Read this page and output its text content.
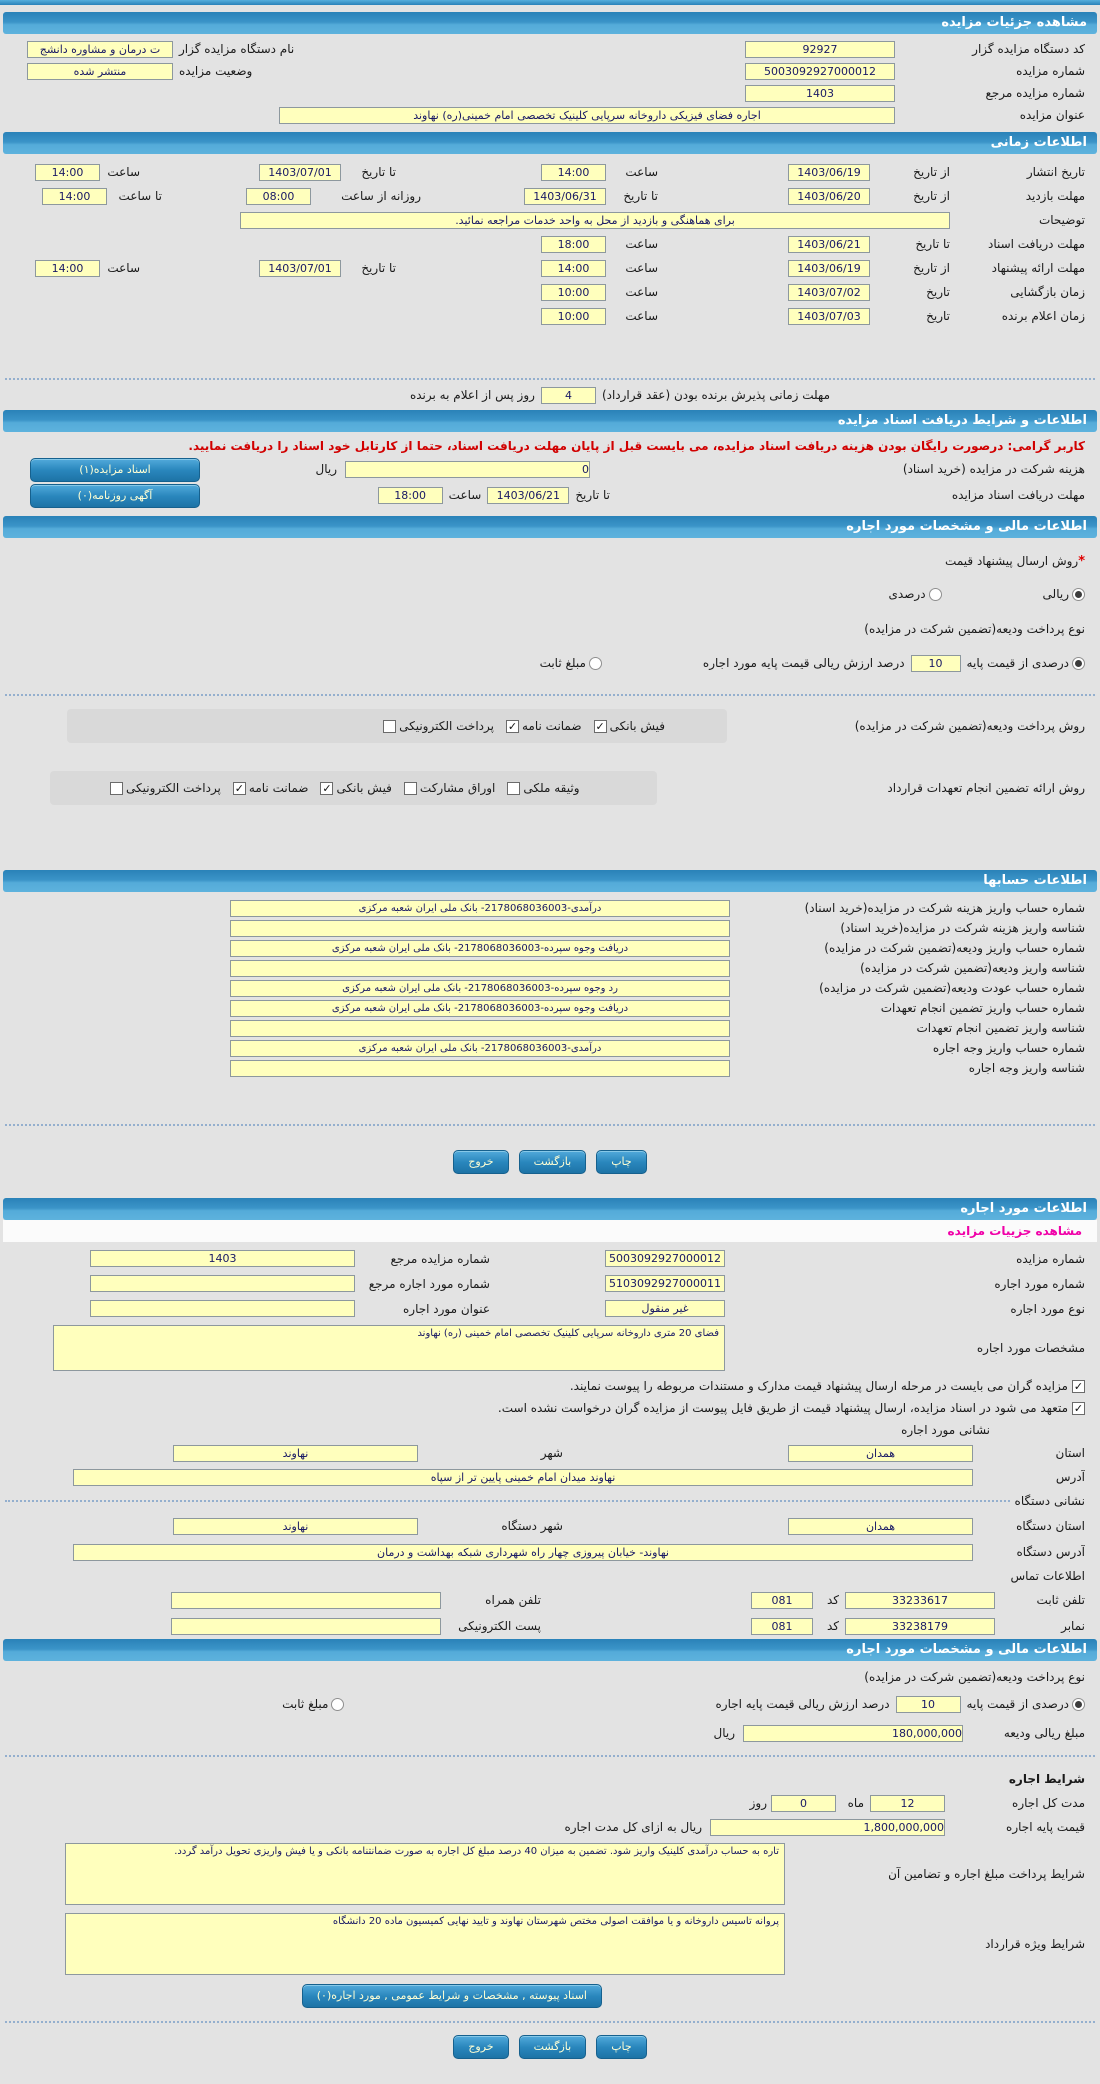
مشاهده جزئیات مزایده
کد دستگاه مزایده گزار
92927
نام دستگاه مزایده گزار
ت درمان و مشاوره دانشج
شماره مزایده
5003092927000012
وضعیت مزایده
منتشر شده
شماره مزایده مرجع
1403
عنوان مزایده
اجاره فضای فیزیکی داروخانه سرپایی کلینیک تخصصی امام خمینی(ره) نهاوند
اطلاعات زمانی
تاریخ انتشار
از تاریخ
1403/06/19
ساعت
14:00
تا تاریخ
1403/07/01
ساعت
14:00
مهلت بازدید
از تاریخ
1403/06/20
تا تاریخ
1403/06/31
روزانه از ساعت
08:00
تا ساعت
14:00
توضیحات
برای هماهنگی و بازدید از محل به واحد خدمات مراجعه نمائید.
مهلت دریافت اسناد
تا تاریخ
1403/06/21
ساعت
18:00
مهلت ارائه پیشنهاد
از تاریخ
1403/06/19
ساعت
14:00
تا تاریخ
1403/07/01
ساعت
14:00
زمان بازگشایی
تاریخ
1403/07/02
ساعت
10:00
زمان اعلام برنده
تاریخ
1403/07/03
ساعت
10:00
مهلت زمانی پذیرش برنده بودن (عقد قرارداد)
4
روز پس از اعلام به برنده
اطلاعات و شرایط دریافت اسناد مزایده
کاربر گرامی: درصورت رایگان بودن هزینه دریافت اسناد مزایده، می بایست قبل از پایان مهلت دریافت اسناد، حتما از کارتابل خود اسناد را دریافت نمایید.
هزینه شرکت در مزایده (خرید اسناد)
0
ریال
اسناد مزایده(۱)
مهلت دریافت اسناد مزایده
تا تاریخ
1403/06/21
ساعت
18:00
آگهی روزنامه(۰)
اطلاعات مالی و مشخصات مورد اجاره
*
روش ارسال پیشنهاد قیمت
ریالی
درصدی
نوع پرداخت ودیعه(تضمین شرکت در مزایده)
درصدی از قیمت پایه
10
درصد ارزش ریالی قیمت پایه مورد اجاره
مبلغ ثابت
روش پرداخت ودیعه(تضمین شرکت در مزایده)
پرداخت الکترونیکی ✓ ضمانت نامه ✓ فیش بانکی
روش ارائه تضمین انجام تعهدات قرارداد
پرداخت الکترونیکی ✓ ضمانت نامه ✓ فیش بانکی اوراق مشارکت وثیقه ملکی
اطلاعات حسابها
شماره حساب واریز هزینه شرکت در مزایده(خرید اسناد)
درآمدی-2178068036003- بانک ملی ایران شعبه مرکزی
شناسه واریز هزینه شرکت در مزایده(خرید اسناد)
شماره حساب واریز ودیعه(تضمین شرکت در مزایده)
دریافت وجوه سپرده-2178068036003- بانک ملی ایران شعبه مرکزی
شناسه واریز ودیعه(تضمین شرکت در مزایده)
شماره حساب عودت ودیعه(تضمین شرکت در مزایده)
رد وجوه سپرده-2178068036003- بانک ملی ایران شعبه مرکزی
شماره حساب واریز تضمین انجام تعهدات
دریافت وجوه سپرده-2178068036003- بانک ملی ایران شعبه مرکزی
شناسه واریز تضمین انجام تعهدات
شماره حساب واریز وجه اجاره
درآمدی-2178068036003- بانک ملی ایران شعبه مرکزی
شناسه واریز وجه اجاره
چاپ
بازگشت
خروج
اطلاعات مورد اجاره
مشاهده جزییات مزایده
شماره مزایده
5003092927000012
شماره مزایده مرجع
1403
شماره مورد اجاره
5103092927000011
شماره مورد اجاره مرجع
نوع مورد اجاره
غیر منقول
عنوان مورد اجاره
مشخصات مورد اجاره
فضای 20 متری داروخانه سرپایی کلینیک تخصصی امام خمینی (ره) نهاوند
✓
مزایده گران می بایست در مرحله ارسال پیشنهاد قیمت مدارک و مستندات مربوطه را پیوست نمایند.
✓
متعهد می شود در اسناد مزایده، ارسال پیشنهاد قیمت از طریق فایل پیوست از مزایده گران درخواست نشده است.
نشانی مورد اجاره
استان
همدان
شهر
نهاوند
آدرس
نهاوند میدان امام خمینی پایین تر از سپاه
نشانی دستگاه
استان دستگاه
همدان
شهر دستگاه
نهاوند
آدرس دستگاه
نهاوند- خیابان پیروزی چهار راه شهرداری شبکه بهداشت و درمان
اطلاعات تماس
تلفن ثابت
33233617
کد
081
تلفن همراه
نمابر
33238179
کد
081
پست الکترونیکی
اطلاعات مالی و مشخصات مورد اجاره
نوع پرداخت ودیعه(تضمین شرکت در مزایده)
درصدی از قیمت پایه
10
درصد ارزش ریالی قیمت پایه اجاره
مبلغ ثابت
مبلغ ریالی ودیعه
180,000,000
ریال
شرایط اجاره
مدت کل اجاره
12
ماه
0
روز
قیمت پایه اجاره
1,800,000,000
ریال به ازای کل مدت اجاره
شرایط پرداخت مبلغ اجاره و تضامین آن
تاره به حساب درآمدی کلینیک واریز شود. تضمین به میزان 40 درصد مبلغ کل اجاره به صورت ضمانتنامه بانکی و یا فیش واریزی تحویل درآمد گردد.
شرایط ویژه قرارداد
پروانه تاسیس داروخانه و یا موافقت اصولی مختص شهرستان نهاوند و تایید نهایی کمیسیون ماده 20 دانشگاه
اسناد پیوسته , مشخصات و شرایط عمومی , مورد اجاره(۰)
چاپ
بازگشت
خروج
